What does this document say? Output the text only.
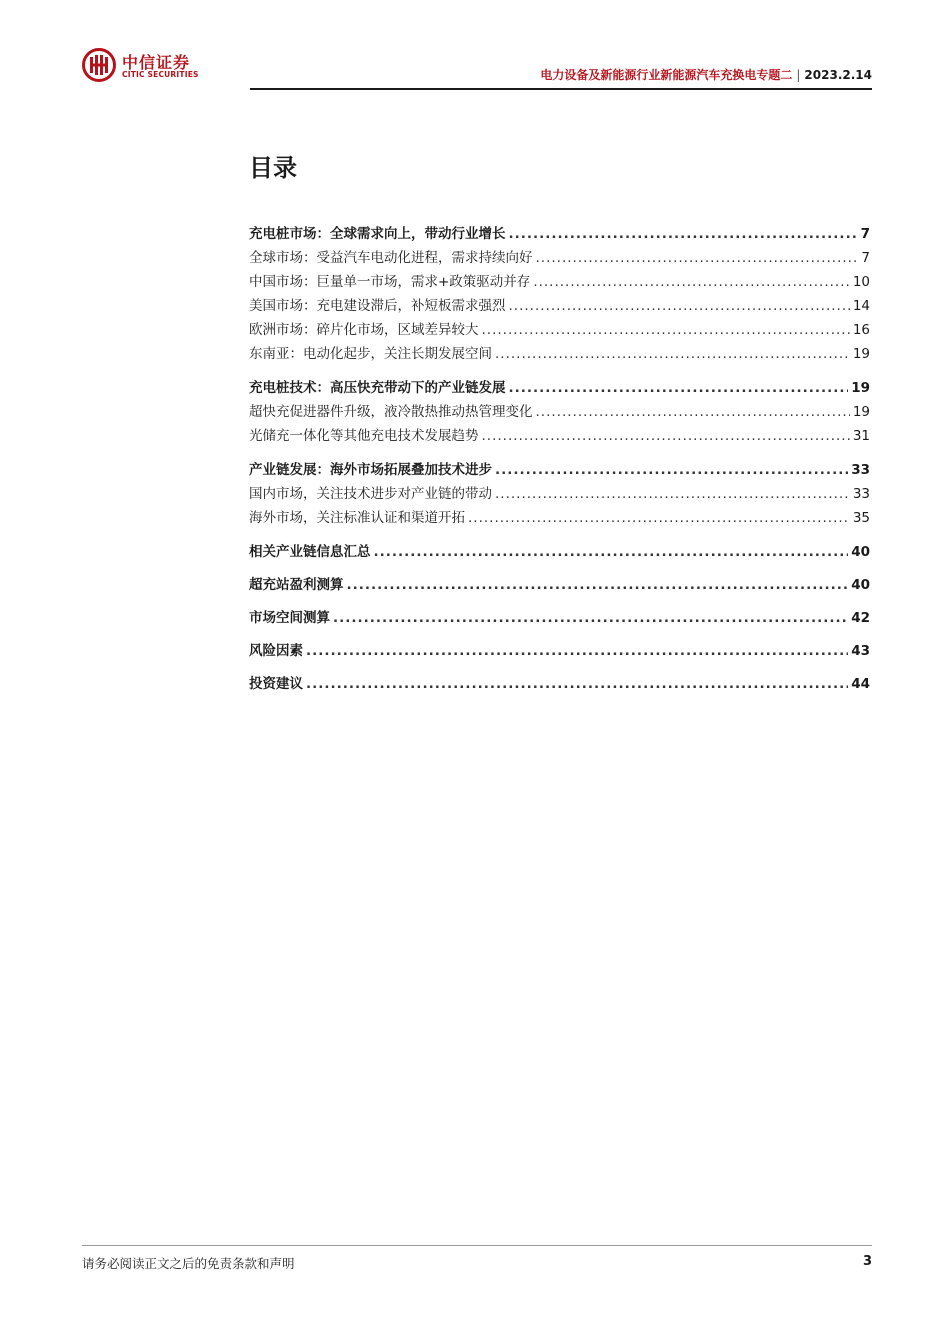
中信证券
CITIC SECURITIES	电力设备及新能源行业新能源汽车充换电专题二 | 2023.2.14
目录
充电桩市场：全球需求向上，带动行业增长 .....	7
全球市场：受益汽车电动化进程，需求持续向好 .....	7
中国市场：巨量单一市场，需求+政策驱动并存 .....	10
美国市场：充电建设滞后，补短板需求强烈 .....	14
欧洲市场：碎片化市场，区域差异较大 .....	16
东南亚：电动化起步，关注长期发展空间 .....	19
充电桩技术：高压快充带动下的产业链发展 .....	19
超快充促进器件升级，液冷散热推动热管理变化 .....	19
光储充一体化等其他充电技术发展趋势 .....	31
产业链发展：海外市场拓展叠加技术进步 .....	33
国内市场，关注技术进步对产业链的带动 .....	33
海外市场，关注标准认证和渠道开拓 .....	35
相关产业链信息汇总 .....	40
超充站盈利测算 .....	40
市场空间测算 .....	42
风险因素 .....	43
投资建议 .....	44
请务必阅读正文之后的免责条款和声明	3
